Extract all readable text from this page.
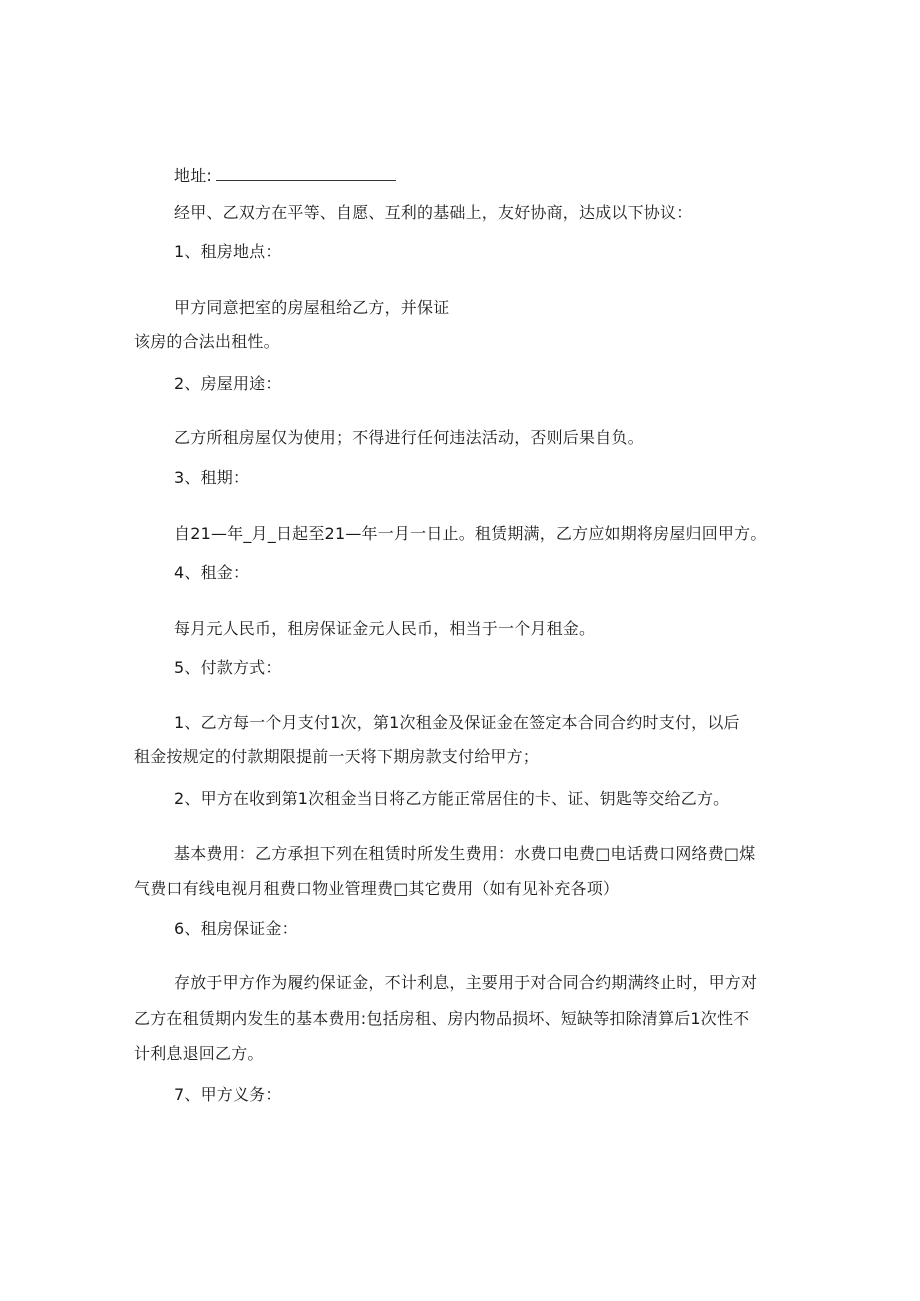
地址:
经甲、乙双方在平等、自愿、互利的基础上，友好协商，达成以下协议：
1、租房地点：
甲方同意把室的房屋租给乙方，并保证
该房的合法出租性。
2、房屋用途：
乙方所租房屋仅为使用；不得进行任何违法活动，否则后果自负。
3、租期：
自21—年_月_日起至21—年一月一日止。租赁期满，乙方应如期将房屋归回甲方。
4、租金：
每月元人民币，租房保证金元人民币，相当于一个月租金。
5、付款方式：
1、乙方每一个月支付1次，第1次租金及保证金在签定本合同合约时支付，以后
租金按规定的付款期限提前一天将下期房款支付给甲方；
2、甲方在收到第1次租金当日将乙方能正常居住的卡、证、钥匙等交给乙方。
基本费用：乙方承担下列在租赁时所发生费用：水费口电费□电话费口网络费□煤
气费口有线电视月租费口物业管理费□其它费用（如有见补充各项）
6、租房保证金：
存放于甲方作为履约保证金，不计利息，主要用于对合同合约期满终止时，甲方对
乙方在租赁期内发生的基本费用:包括房租、房内物品损坏、短缺等扣除清算后1次性不
计利息退回乙方。
7、甲方义务：
